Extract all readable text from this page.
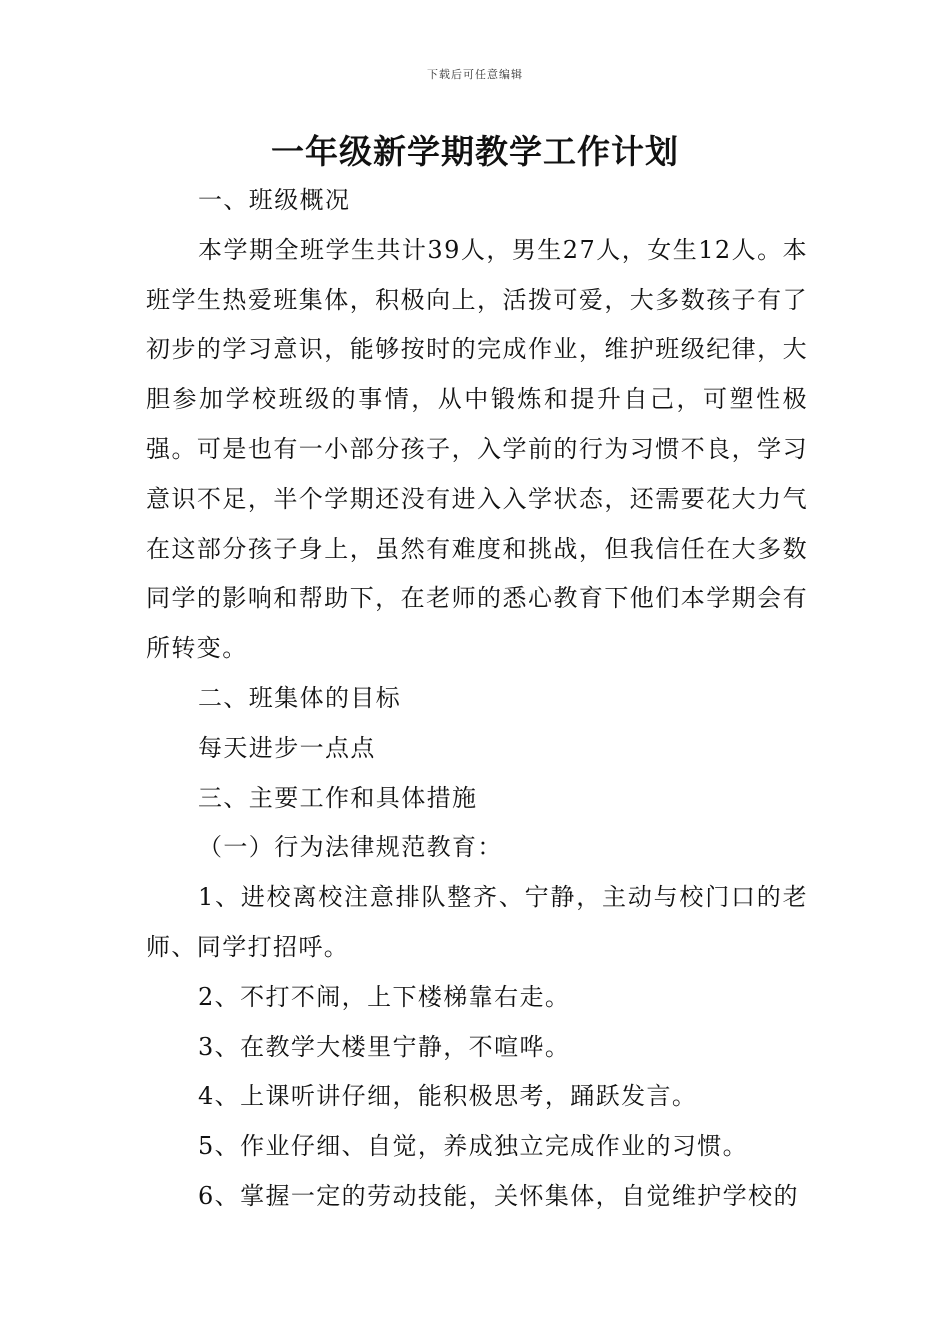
下载后可任意编辑
一年级新学期教学工作计划

一、班级概况

本学期全班学生共计39人，男生27人，女生12人。本班学生热爱班集体，积极向上，活拨可爱，大多数孩子有了初步的学习意识，能够按时的完成作业，维护班级纪律，大胆参加学校班级的事情，从中锻炼和提升自己，可塑性极强。可是也有一小部分孩子，入学前的行为习惯不良，学习意识不足，半个学期还没有进入入学状态，还需要花大力气在这部分孩子身上，虽然有难度和挑战，但我信任在大多数同学的影响和帮助下，在老师的悉心教育下他们本学期会有所转变。

二、班集体的目标

每天进步一点点

三、主要工作和具体措施

（一）行为法律规范教育：

1、进校离校注意排队整齐、宁静，主动与校门口的老师、同学打招呼。

2、不打不闹，上下楼梯靠右走。

3、在教学大楼里宁静，不喧哗。

4、上课听讲仔细，能积极思考，踊跃发言。

5、作业仔细、自觉，养成独立完成作业的习惯。

6、掌握一定的劳动技能，关怀集体，自觉维护学校的
